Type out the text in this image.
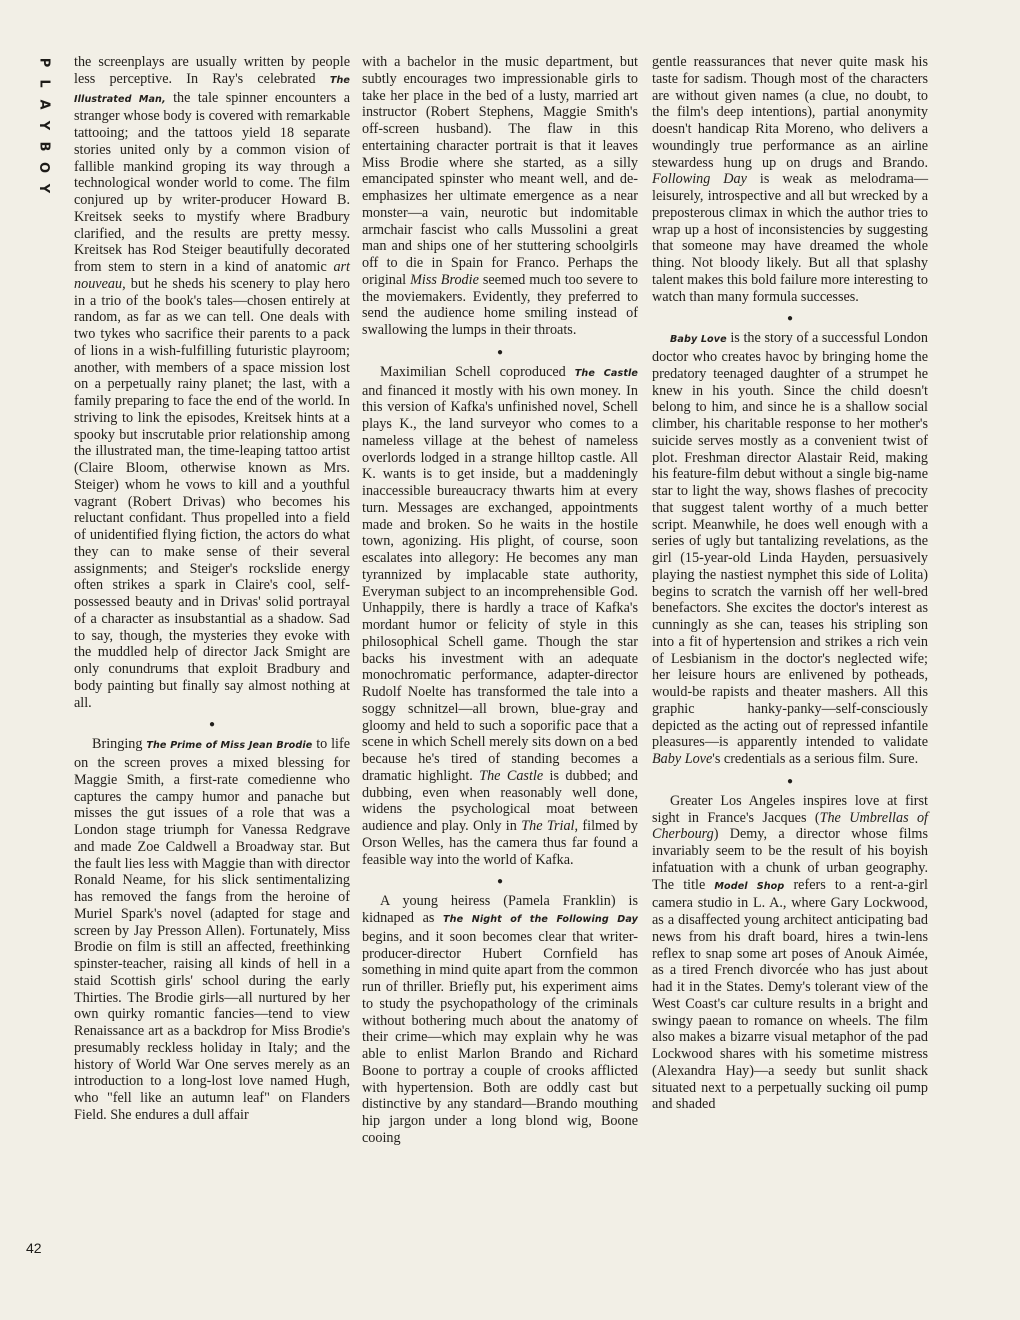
P
L
A
Y
B
O
Y
42

the screenplays are usually written by people less perceptive. In Ray's celebrated The Illustrated Man, the tale spinner encounters a stranger whose body is covered with remarkable tattooing; and the tattoos yield 18 separate stories united only by a common vision of fallible mankind groping its way through a technological wonder world to come. The film conjured up by writer-producer Howard B. Kreitsek seeks to mystify where Bradbury clarified, and the results are pretty messy. Kreitsek has Rod Steiger beautifully decorated from stem to stern in a kind of anatomic art nouveau, but he sheds his scenery to play hero in a trio of the book's tales—chosen entirely at random, as far as we can tell. One deals with two tykes who sacrifice their parents to a pack of lions in a wish-fulfilling futuristic playroom; another, with members of a space mission lost on a perpetually rainy planet; the last, with a family preparing to face the end of the world. In striving to link the episodes, Kreitsek hints at a spooky but inscrutable prior relationship among the illustrated man, the time-leaping tattoo artist (Claire Bloom, otherwise known as Mrs. Steiger) whom he vows to kill and a youthful vagrant (Robert Drivas) who becomes his reluctant confidant. Thus propelled into a field of unidentified flying fiction, the actors do what they can to make sense of their several assignments; and Steiger's rockslide energy often strikes a spark in Claire's cool, self-possessed beauty and in Drivas' solid portrayal of a character as insubstantial as a shadow. Sad to say, though, the mysteries they evoke with the muddled help of director Jack Smight are only conundrums that exploit Bradbury and body painting but finally say almost nothing at all.

●

Bringing The Prime of Miss Jean Brodie to life on the screen proves a mixed blessing for Maggie Smith, a first-rate comedienne who captures the campy humor and panache but misses the gut issues of a role that was a London stage triumph for Vanessa Redgrave and made Zoe Caldwell a Broadway star. But the fault lies less with Maggie than with director Ronald Neame, for his slick sentimentalizing has removed the fangs from the heroine of Muriel Spark's novel (adapted for stage and screen by Jay Presson Allen). Fortunately, Miss Brodie on film is still an affected, freethinking spinster-teacher, raising all kinds of hell in a staid Scottish girls' school during the early Thirties. The Brodie girls—all nurtured by her own quirky romantic fancies—tend to view Renaissance art as a backdrop for Miss Brodie's presumably reckless holiday in Italy; and the history of World War One serves merely as an introduction to a long-lost love named Hugh, who "fell like an autumn leaf" on Flanders Field. She endures a dull affair

with a bachelor in the music department, but subtly encourages two impressionable girls to take her place in the bed of a lusty, married art instructor (Robert Stephens, Maggie Smith's off-screen husband). The flaw in this entertaining character portrait is that it leaves Miss Brodie where she started, as a silly emancipated spinster who meant well, and de-emphasizes her ultimate emergence as a near monster—a vain, neurotic but indomitable armchair fascist who calls Mussolini a great man and ships one of her stuttering schoolgirls off to die in Spain for Franco. Perhaps the original Miss Brodie seemed much too severe to the moviemakers. Evidently, they preferred to send the audience home smiling instead of swallowing the lumps in their throats.

●

Maximilian Schell coproduced The Castle and financed it mostly with his own money. In this version of Kafka's unfinished novel, Schell plays K., the land surveyor who comes to a nameless village at the behest of nameless overlords lodged in a strange hilltop castle. All K. wants is to get inside, but a maddeningly inaccessible bureaucracy thwarts him at every turn. Messages are exchanged, appointments made and broken. So he waits in the hostile town, agonizing. His plight, of course, soon escalates into allegory: He becomes any man tyrannized by implacable state authority, Everyman subject to an incomprehensible God. Unhappily, there is hardly a trace of Kafka's mordant humor or felicity of style in this philosophical Schell game. Though the star backs his investment with an adequate monochromatic performance, adapter-director Rudolf Noelte has transformed the tale into a soggy schnitzel—all brown, blue-gray and gloomy and held to such a soporific pace that a scene in which Schell merely sits down on a bed because he's tired of standing becomes a dramatic highlight. The Castle is dubbed; and dubbing, even when reasonably well done, widens the psychological moat between audience and play. Only in The Trial, filmed by Orson Welles, has the camera thus far found a feasible way into the world of Kafka.

●

A young heiress (Pamela Franklin) is kidnaped as The Night of the Following Day begins, and it soon becomes clear that writer-producer-director Hubert Cornfield has something in mind quite apart from the common run of thriller. Briefly put, his experiment aims to study the psychopathology of the criminals without bothering much about the anatomy of their crime—which may explain why he was able to enlist Marlon Brando and Richard Boone to portray a couple of crooks afflicted with hypertension. Both are oddly cast but distinctive by any standard—Brando mouthing hip jargon under a long blond wig, Boone cooing

gentle reassurances that never quite mask his taste for sadism. Though most of the characters are without given names (a clue, no doubt, to the film's deep intentions), partial anonymity doesn't handicap Rita Moreno, who delivers a woundingly true performance as an airline stewardess hung up on drugs and Brando. Following Day is weak as melodrama—leisurely, introspective and all but wrecked by a preposterous climax in which the author tries to wrap up a host of inconsistencies by suggesting that someone may have dreamed the whole thing. Not bloody likely. But all that splashy talent makes this bold failure more interesting to watch than many formula successes.

●

Baby Love is the story of a successful London doctor who creates havoc by bringing home the predatory teenaged daughter of a strumpet he knew in his youth. Since the child doesn't belong to him, and since he is a shallow social climber, his charitable response to her mother's suicide serves mostly as a convenient twist of plot. Freshman director Alastair Reid, making his feature-film debut without a single big-name star to light the way, shows flashes of precocity that suggest talent worthy of a much better script. Meanwhile, he does well enough with a series of ugly but tantalizing revelations, as the girl (15-year-old Linda Hayden, persuasively playing the nastiest nymphet this side of Lolita) begins to scratch the varnish off her well-bred benefactors. She excites the doctor's interest as cunningly as she can, teases his stripling son into a fit of hypertension and strikes a rich vein of Lesbianism in the doctor's neglected wife; her leisure hours are enlivened by potheads, would-be rapists and theater mashers. All this graphic hanky-panky—self-consciously depicted as the acting out of repressed infantile pleasures—is apparently intended to validate Baby Love's credentials as a serious film. Sure.

●

Greater Los Angeles inspires love at first sight in France's Jacques (The Umbrellas of Cherbourg) Demy, a director whose films invariably seem to be the result of his boyish infatuation with a chunk of urban geography. The title Model Shop refers to a rent-a-girl camera studio in L. A., where Gary Lockwood, as a disaffected young architect anticipating bad news from his draft board, hires a twin-lens reflex to snap some art poses of Anouk Aimée, as a tired French divorcée who has just about had it in the States. Demy's tolerant view of the West Coast's car culture results in a bright and swingy paean to romance on wheels. The film also makes a bizarre visual metaphor of the pad Lockwood shares with his sometime mistress (Alexandra Hay)—a seedy but sunlit shack situated next to a perpetually sucking oil pump and shaded
